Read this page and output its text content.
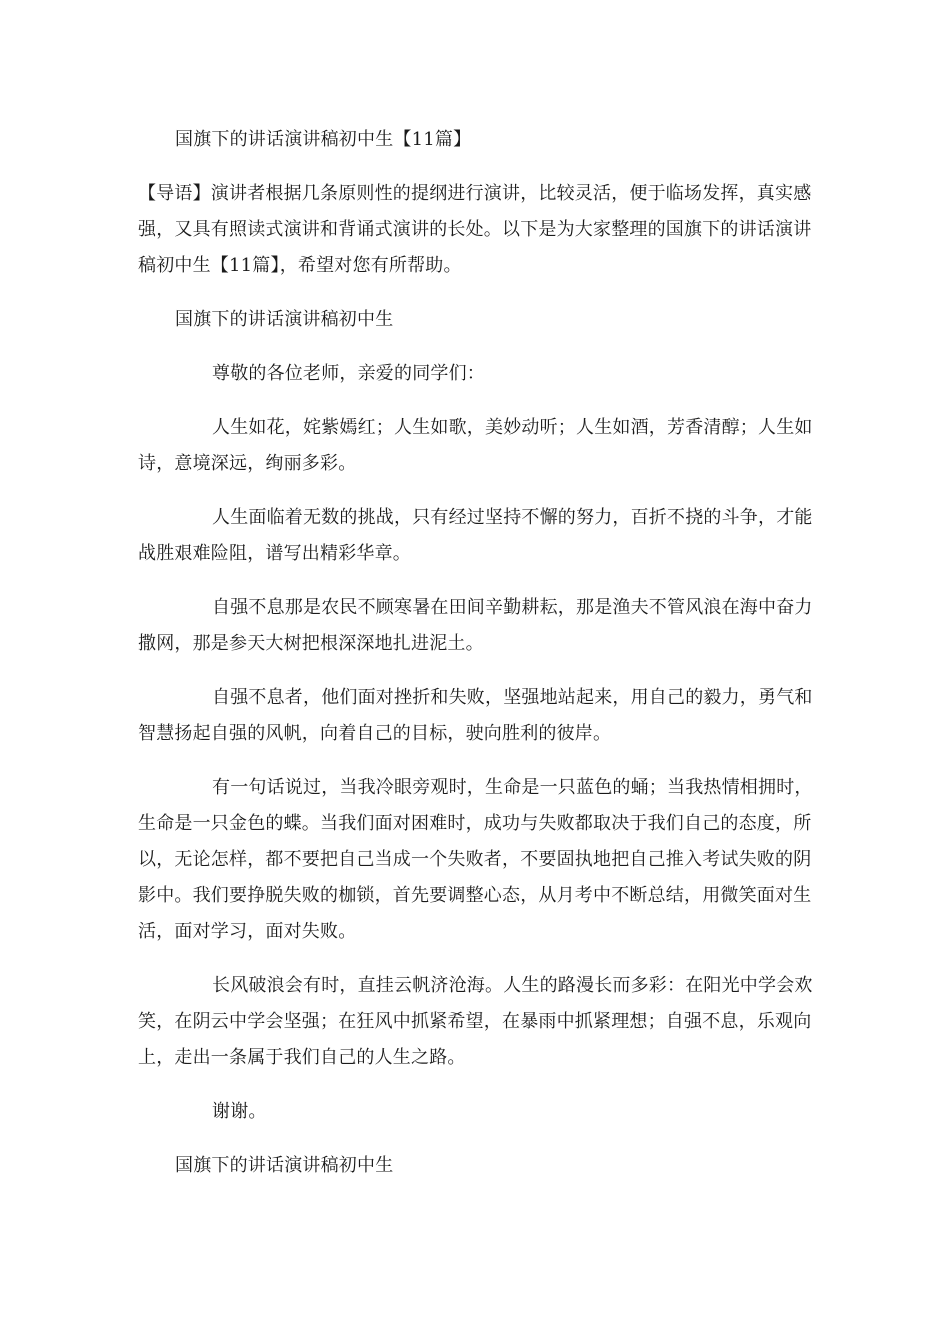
国旗下的讲话演讲稿初中生【11篇】

【导语】演讲者根据几条原则性的提纲进行演讲，比较灵活，便于临场发挥，真实感强，又具有照读式演讲和背诵式演讲的长处。以下是为大家整理的国旗下的讲话演讲稿初中生【11篇】，希望对您有所帮助。

国旗下的讲话演讲稿初中生

尊敬的各位老师，亲爱的同学们：

人生如花，姹紫嫣红；人生如歌，美妙动听；人生如酒，芳香清醇；人生如诗，意境深远，绚丽多彩。

人生面临着无数的挑战，只有经过坚持不懈的努力，百折不挠的斗争，才能战胜艰难险阻，谱写出精彩华章。

自强不息那是农民不顾寒暑在田间辛勤耕耘，那是渔夫不管风浪在海中奋力撒网，那是参天大树把根深深地扎进泥土。

自强不息者，他们面对挫折和失败，坚强地站起来，用自己的毅力，勇气和智慧扬起自强的风帆，向着自己的目标，驶向胜利的彼岸。

有一句话说过，当我冷眼旁观时，生命是一只蓝色的蛹；当我热情相拥时，生命是一只金色的蝶。当我们面对困难时，成功与失败都取决于我们自己的态度，所以，无论怎样，都不要把自己当成一个失败者，不要固执地把自己推入考试失败的阴影中。我们要挣脱失败的枷锁，首先要调整心态，从月考中不断总结，用微笑面对生活，面对学习，面对失败。

长风破浪会有时，直挂云帆济沧海。人生的路漫长而多彩：在阳光中学会欢笑，在阴云中学会坚强；在狂风中抓紧希望，在暴雨中抓紧理想；自强不息，乐观向上，走出一条属于我们自己的人生之路。

谢谢。

国旗下的讲话演讲稿初中生
